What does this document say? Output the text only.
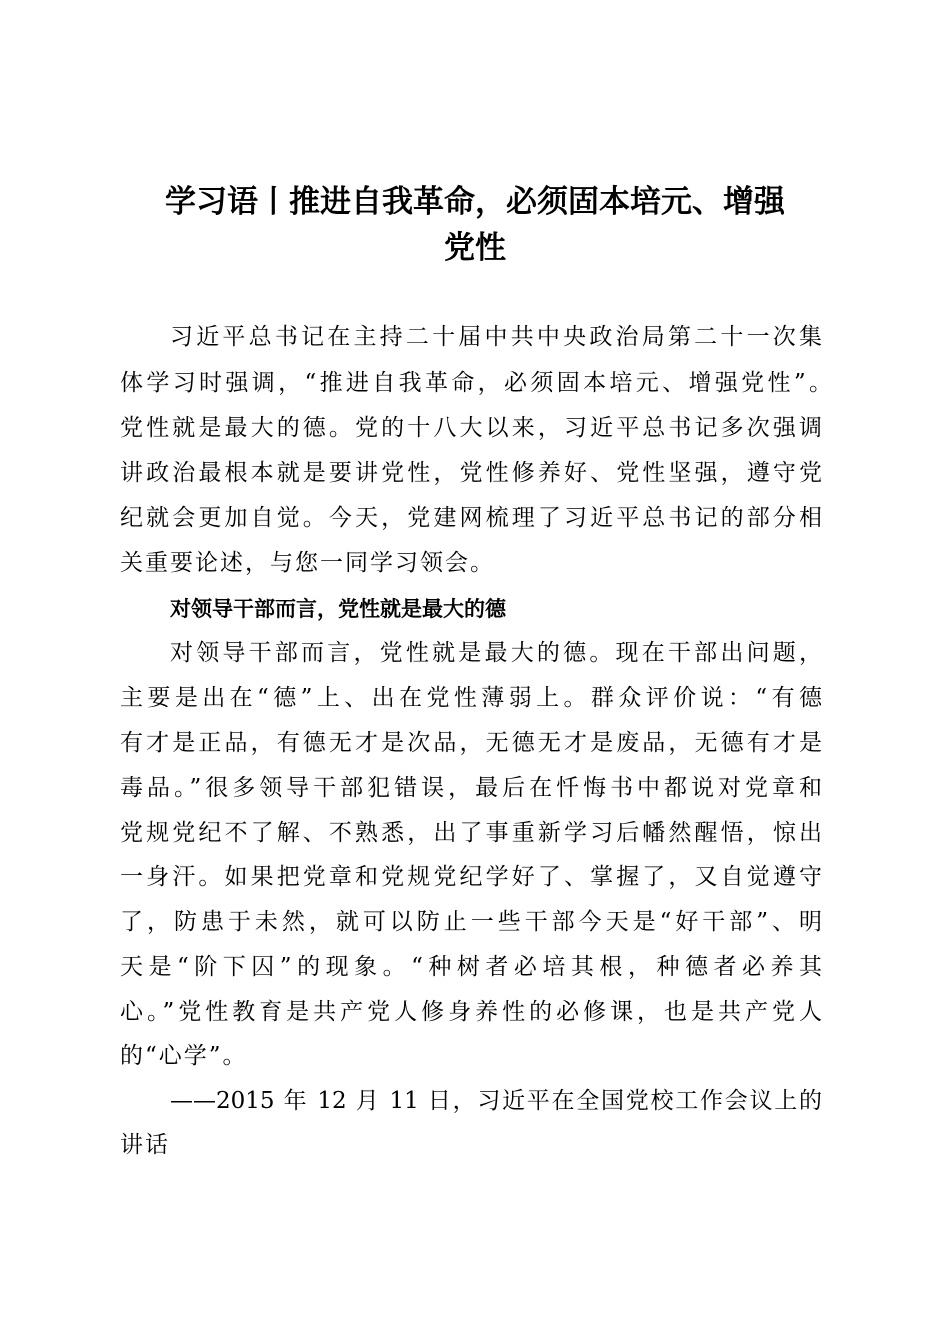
学习语丨推进自我革命，必须固本培元、增强
党性

习近平总书记在主持二十届中共中央政治局第二十一次集

体学习时强调，“推进自我革命，必须固本培元、增强党性”。

党性就是最大的德。党的十八大以来，习近平总书记多次强调

讲政治最根本就是要讲党性，党性修养好、党性坚强，遵守党

纪就会更加自觉。今天，党建网梳理了习近平总书记的部分相

关重要论述，与您一同学习领会。

对领导干部而言，党性就是最大的德

对领导干部而言，党性就是最大的德。现在干部出问题，

主要是出在“德”上、出在党性薄弱上。群众评价说：“有德

有才是正品，有德无才是次品，无德无才是废品，无德有才是

毒品。”很多领导干部犯错误，最后在忏悔书中都说对党章和

党规党纪不了解、不熟悉，出了事重新学习后幡然醒悟，惊出

一身汗。如果把党章和党规党纪学好了、掌握了，又自觉遵守

了，防患于未然，就可以防止一些干部今天是“好干部”、明

天是“阶下囚”的现象。“种树者必培其根，种德者必养其

心。”党性教育是共产党人修身养性的必修课，也是共产党人

的“心学”。

——2015 年 12 月 11 日，习近平在全国党校工作会议上的

讲话
